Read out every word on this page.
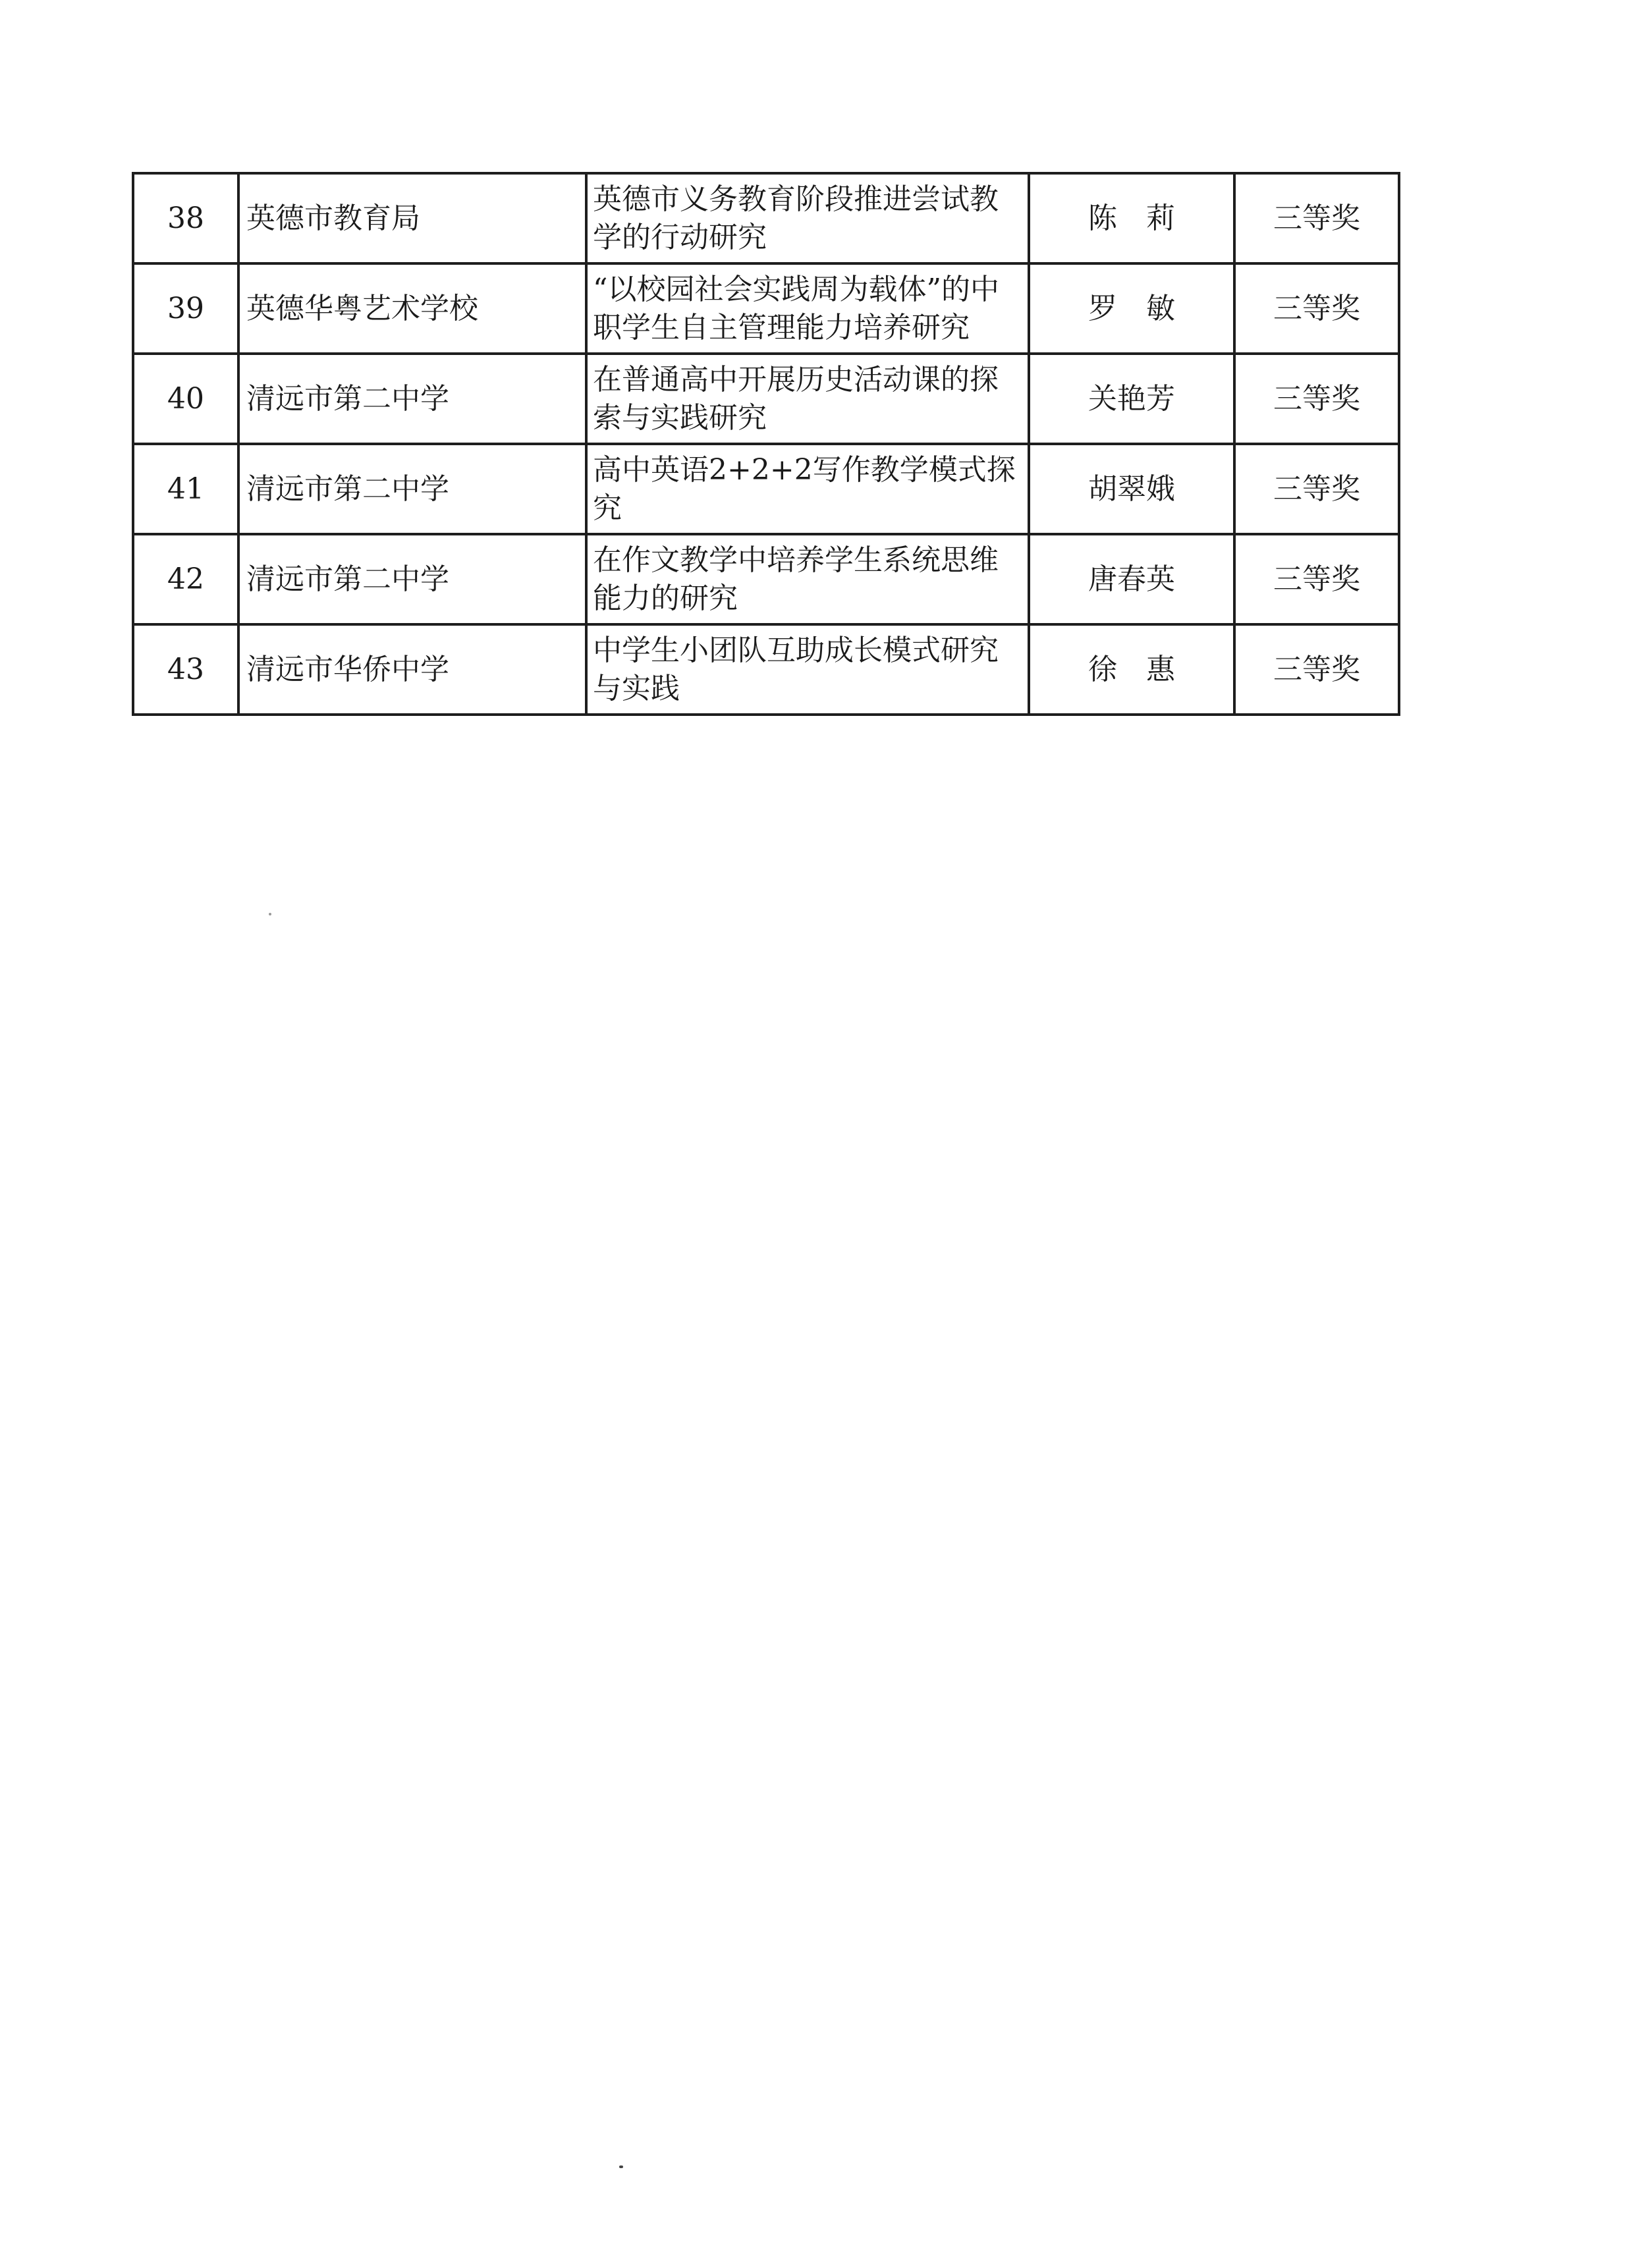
38	英德市教育局	英德市义务教育阶段推进尝试教学的行动研究	陈　莉	三等奖
39	英德华粤艺术学校	“以校园社会实践周为载体”的中职学生自主管理能力培养研究	罗　敏	三等奖
40	清远市第二中学	在普通高中开展历史活动课的探索与实践研究	关艳芳	三等奖
41	清远市第二中学	高中英语2+2+2写作教学模式探究	胡翠娥	三等奖
42	清远市第二中学	在作文教学中培养学生系统思维能力的研究	唐春英	三等奖
43	清远市华侨中学	中学生小团队互助成长模式研究与实践	徐　惠	三等奖
